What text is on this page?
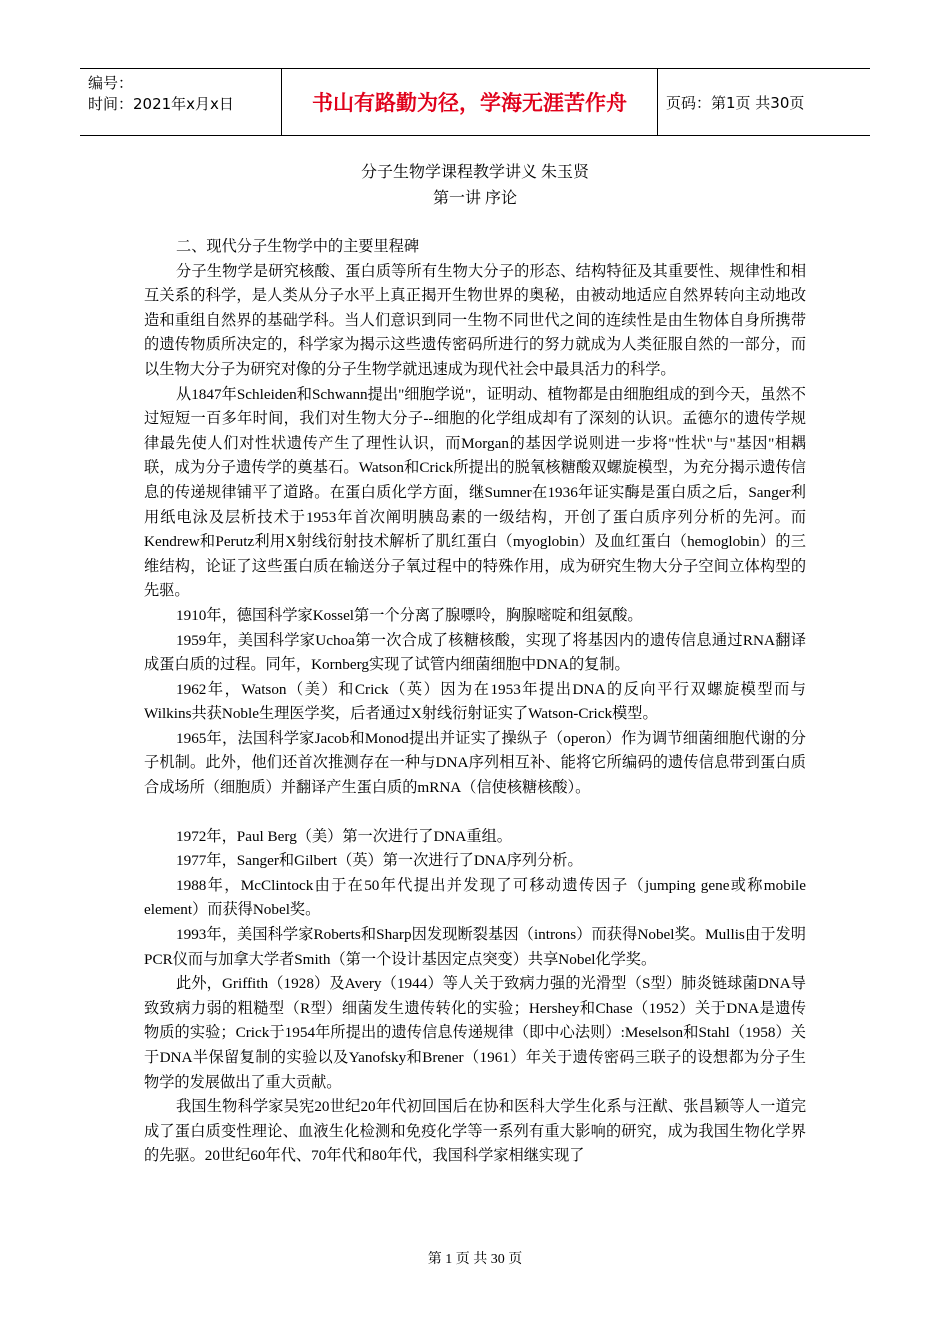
编号：
时间：2021年x月x日	书山有路勤为径，学海无涯苦作舟	页码：第1页 共30页
分子生物学课程教学讲义 朱玉贤
第一讲 序论

二、现代分子生物学中的主要里程碑

分子生物学是研究核酸、蛋白质等所有生物大分子的形态、结构特征及其重要性、规律性和相互关系的科学，是人类从分子水平上真正揭开生物世界的奥秘，由被动地适应自然界转向主动地改造和重组自然界的基础学科。当人们意识到同一生物不同世代之间的连续性是由生物体自身所携带的遗传物质所决定的，科学家为揭示这些遗传密码所进行的努力就成为人类征服自然的一部分，而以生物大分子为研究对像的分子生物学就迅速成为现代社会中最具活力的科学。

从1847年Schleiden和Schwann提出"细胞学说"，证明动、植物都是由细胞组成的到今天，虽然不过短短一百多年时间，我们对生物大分子--细胞的化学组成却有了深刻的认识。孟德尔的遗传学规律最先使人们对性状遗传产生了理性认识，而Morgan的基因学说则进一步将"性状"与"基因"相耦联，成为分子遗传学的奠基石。Watson和Crick所提出的脱氧核糖酸双螺旋模型，为充分揭示遗传信息的传递规律铺平了道路。在蛋白质化学方面，继Sumner在1936年证实酶是蛋白质之后，Sanger利用纸电泳及层析技术于1953年首次阐明胰岛素的一级结构，开创了蛋白质序列分析的先河。而Kendrew和Perutz利用X射线衍射技术解析了肌红蛋白（myoglobin）及血红蛋白（hemoglobin）的三维结构，论证了这些蛋白质在输送分子氧过程中的特殊作用，成为研究生物大分子空间立体构型的先驱。

1910年，德国科学家Kossel第一个分离了腺嘌呤，胸腺嘧啶和组氨酸。

1959年，美国科学家Uchoa第一次合成了核糖核酸，实现了将基因内的遗传信息通过RNA翻译成蛋白质的过程。同年，Kornberg实现了试管内细菌细胞中DNA的复制。

1962年，Watson（美）和Crick（英）因为在1953年提出DNA的反向平行双螺旋模型而与Wilkins共获Noble生理医学奖，后者通过X射线衍射证实了Watson-Crick模型。

1965年，法国科学家Jacob和Monod提出并证实了操纵子（operon）作为调节细菌细胞代谢的分子机制。此外，他们还首次推测存在一种与DNA序列相互补、能将它所编码的遗传信息带到蛋白质合成场所（细胞质）并翻译产生蛋白质的mRNA（信使核糖核酸）。

1972年，Paul Berg（美）第一次进行了DNA重组。

1977年，Sanger和Gilbert（英）第一次进行了DNA序列分析。

1988年，McClintock由于在50年代提出并发现了可移动遗传因子（jumping gene或称mobile element）而获得Nobel奖。

1993年，美国科学家Roberts和Sharp因发现断裂基因（introns）而获得Nobel奖。Mullis由于发明PCR仪而与加拿大学者Smith（第一个设计基因定点突变）共享Nobel化学奖。

此外，Griffith（1928）及Avery（1944）等人关于致病力强的光滑型（S型）肺炎链球菌DNA导致致病力弱的粗糙型（R型）细菌发生遗传转化的实验；Hershey和Chase（1952）关于DNA是遗传物质的实验；Crick于1954年所提出的遗传信息传递规律（即中心法则）:Meselson和Stahl（1958）关于DNA半保留复制的实验以及Yanofsky和Brener（1961）年关于遗传密码三联子的设想都为分子生物学的发展做出了重大贡献。

我国生物科学家吴宪20世纪20年代初回国后在协和医科大学生化系与汪猷、张昌颖等人一道完成了蛋白质变性理论、血液生化检测和免疫化学等一系列有重大影响的研究，成为我国生物化学界的先驱。20世纪60年代、70年代和80年代，我国科学家相继实现了

第 1 页 共 30 页
